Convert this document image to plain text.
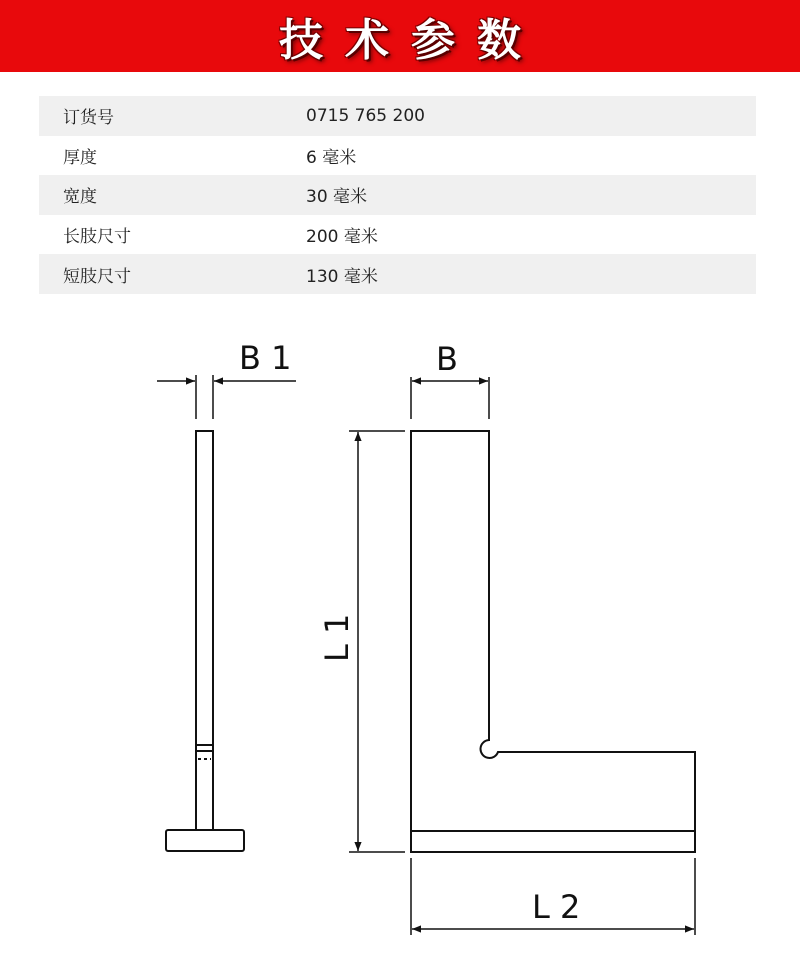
技术参数
订货号	0715 765 200
厚度	6 毫米
宽度	30 毫米
长肢尺寸	200 毫米
短肢尺寸	130 毫米
B 1	B
L 1
L 2
